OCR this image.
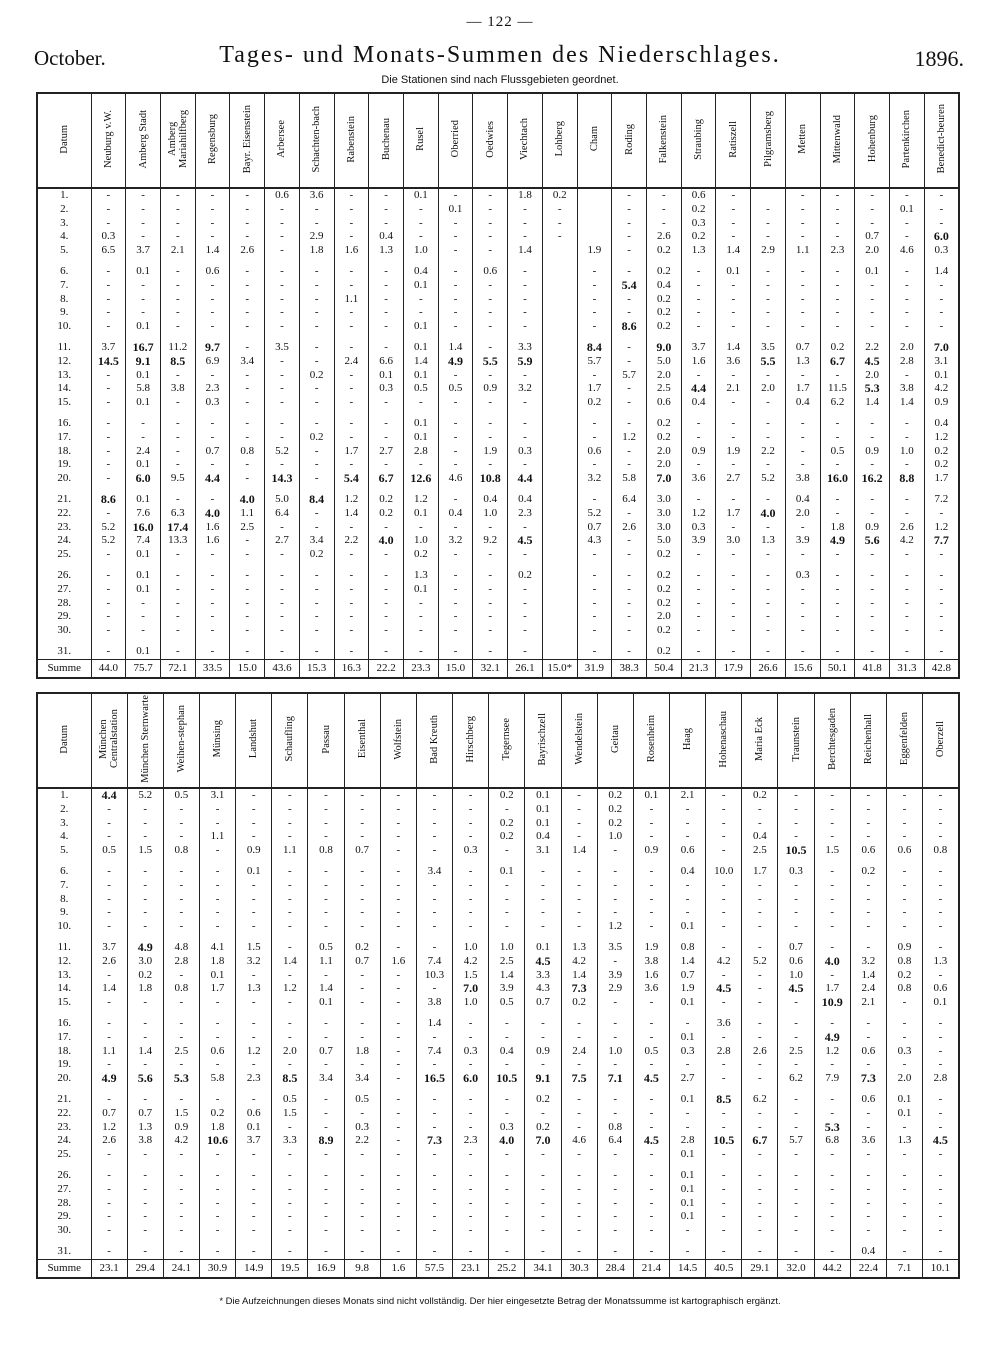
— 122 —
October.	Tages- und Monats-Summen des Niederschlages.	1896.
Die Stationen sind nach Flussgebieten geordnet.
Datum	Neuburg v.W.	Amberg Stadt	Amberg Mariahilfberg	Regensburg	Bayr. Eisenstein	Arbersee	Schachten-bach	Rabenstein	Buchenau	Rusel	Oberried	Oedwies	Viechtach	Lohberg	Cham	Roding	Falkenstein	Straubing	Ratiszell	Pilgramsberg	Metten	Mittenwald	Hohenburg	Partenkirchen	Benedict-beuren
1.	-	-	-	-	-	0.6	3.6	-	-	0.1	-	-	1.8	0.2		-	-	0.6	-		-	-	-	-	-
2.	-	-	-	-	-	-	-	-	-	-	0.1	-	-	-		-	-	0.2	-	-	-	-	-	0.1	-
3.	-	-	-	-	-	-	-	-	-	-	-	-	-	-		-	-	0.3	-	-	-	-	-	-	-
4.	0.3	-	-	-	-	-	2.9	-	0.4	-	-	-	-	-		-	2.6	0.2	-	-	-	-	0.7	-	6.0
5.	6.5	3.7	2.1	1.4	2.6	-	1.8	1.6	1.3	1.0	-	-	1.4		1.9	-	0.2	1.3	1.4	2.9	1.1	2.3	2.0	4.6	0.3
6.	-	0.1	-	0.6	-	-	-	-	-	0.4	-	0.6	-		-	-	0.2	-	0.1	-	-	-	0.1	-	1.4
7.	-	-	-	-	-	-	-	-	-	0.1	-	-	-		-	5.4	0.4	-	-	-	-	-	-	-	-
8.	-	-	-	-	-	-	-	1.1	-	-	-	-	-		-	-	0.2	-	-	-	-	-	-	-	-
9.	-	-	-	-	-	-	-	-	-	-	-	-	-		-	-	0.2	-	-	-	-	-	-	-	-
10.	-	0.1	-	-	-	-	-	-	-	0.1	-	-	-		-	8.6	0.2	-	-	-	-	-	-	-	-
11.	3.7	16.7	11.2	9.7	-	3.5	-	-	-	0.1	1.4	-	3.3		8.4	-	9.0	3.7	1.4	3.5	0.7	0.2	2.2	2.0	7.0
12.	14.5	9.1	8.5	6.9	3.4	-	-	2.4	6.6	1.4	4.9	5.5	5.9		5.7	-	5.0	1.6	3.6	5.5	1.3	6.7	4.5	2.8	3.1
13.	-	0.1	-	-	-	-	0.2	-	0.1	0.1	-	-	-		-	5.7	2.0	-	-	-	-	-	2.0	-	0.1
14.	-	5.8	3.8	2.3	-	-	-	-	0.3	0.5	0.5	0.9	3.2		1.7	-	2.5	4.4	2.1	2.0	1.7	11.5	5.3	3.8	4.2
15.	-	0.1	-	0.3	-	-	-	-	-	-	-	-	-		0.2	-	0.6	0.4	-	-	0.4	6.2	1.4	1.4	0.9
16.	-	-	-	-	-	-	-	-	-	0.1	-	-	-		-	-	0.2	-	-	-	-	-	-	-	0.4
17.	-	-	-	-	-	-	0.2	-	-	0.1	-	-	-		-	1.2	0.2	-	-	-	-	-	-	-	1.2
18.	-	2.4	-	0.7	0.8	5.2	-	1.7	2.7	2.8	-	1.9	0.3		0.6	-	2.0	0.9	1.9	2.2	-	0.5	0.9	1.0	0.2
19.	-	0.1	-	-	-	-	-	-	-	-	-	-	-		-	-	2.0	-	-	-	-	-	-	-	0.2
20.	-	6.0	9.5	4.4	-	14.3	-	5.4	6.7	12.6	4.6	10.8	4.4		3.2	5.8	7.0	3.6	2.7	5.2	3.8	16.0	16.2	8.8	1.7
21.	8.6	0.1	-	-	4.0	5.0	8.4	1.2	0.2	1.2	-	0.4	0.4		-	6.4	3.0	-	-	-	0.4	-	-	-	7.2
22.	-	7.6	6.3	4.0	1.1	6.4	-	1.4	0.2	0.1	0.4	1.0	2.3		5.2	-	3.0	1.2	1.7	4.0	2.0	-	-	-	-
23.	5.2	16.0	17.4	1.6	2.5	-	-	-	-	-	-	-	-		0.7	2.6	3.0	0.3	-	-	-	1.8	0.9	2.6	1.2
24.	5.2	7.4	13.3	1.6	-	2.7	3.4	2.2	4.0	1.0	3.2	9.2	4.5		4.3	-	5.0	3.9	3.0	1.3	3.9	4.9	5.6	4.2	7.7
25.	-	0.1	-	-	-	-	0.2	-	-	0.2	-	-	-		-	-	0.2	-	-	-	-	-	-	-	-
26.	-	0.1	-	-	-	-	-	-	-	1.3	-	-	0.2		-	-	0.2	-	-	-	0.3	-	-	-	-
27.	-	0.1	-	-	-	-	-	-	-	0.1	-	-	-		-	-	0.2	-	-	-	-	-	-	-	-
28.	-	-	-	-	-	-	-	-	-	-	-	-	-		-	-	0.2	-	-	-	-	-	-	-	-
29.	-	-	-	-	-	-	-	-	-	-	-	-	-		-	-	2.0	-	-	-	-	-	-	-	-
30.	-	-	-	-	-	-	-	-	-	-	-	-	-		-	-	0.2	-	-	-	-	-	-	-	-
31.	-	0.1	-	-	-	-	-	-	-	-	-	-	-		-	-	0.2	-	-	-	-	-	-	-	-
Summe	44.0	75.7	72.1	33.5	15.0	43.6	15.3	16.3	22.2	23.3	15.0	32.1	26.1	15.0*	31.9	38.3	50.4	21.3	17.9	26.6	15.6	50.1	41.8	31.3	42.8
Datum	München Centralstation	München Sternwarte	Weihen-stephan	Münsing	Landshut	Schaufling	Passau	Eisenthal	Wolfstein	Bad Kreuth	Hirschberg	Tegernsee	Bayrischzell	Wendelstein	Geitau	Rosenheim	Haag	Hohenaschau	Maria Eck	Traunstein	Berchtesgaden	Reichenhall	Eggenfelden	Oberzell
1.	4.4	5.2	0.5	3.1	-	-	-	-	-	-	-	0.2	0.1	-	0.2	0.1	2.1	-	0.2	-	-	-	-	-
2.	-	-	-	-	-	-	-	-	-	-	-	-	0.1	-	0.2	-	-	-	-	-	-	-	-	-
3.	-	-	-	-	-	-	-	-	-	-	-	0.2	0.1	-	0.2	-	-	-	-	-	-	-	-	-
4.	-	-	-	1.1	-	-	-	-	-	-	-	0.2	0.4	-	1.0	-	-	-	0.4	-	-	-	-	-
5.	0.5	1.5	0.8	-	0.9	1.1	0.8	0.7	-	-	0.3	-	3.1	1.4	-	0.9	0.6	-	2.5	10.5	1.5	0.6	0.6	0.8
6.	-	-	-	-	0.1	-	-	-	-	3.4	-	0.1	-	-	-	-	0.4	10.0	1.7	0.3	-	0.2	-	-
7.	-	-	-	-	-	-	-	-	-	-	-	-	-	-	-	-	-	-	-	-	-	-	-	-
8.	-	-	-	-	-	-	-	-	-	-	-	-	-	-	-	-	-	-	-	-	-	-	-	-
9.	-	-	-	-	-	-	-	-	-	-	-	-	-	-	-	-	-	-	-	-	-	-	-	-
10.	-	-	-	-	-	-	-	-	-	-	-	-	-	-	1.2	-	0.1	-	-	-	-	-	-	-
11.	3.7	4.9	4.8	4.1	1.5	-	0.5	0.2	-	-	1.0	1.0	0.1	1.3	3.5	1.9	0.8	-	-	0.7	-	-	0.9	-
12.	2.6	3.0	2.8	1.8	3.2	1.4	1.1	0.7	1.6	7.4	4.2	2.5	4.5	4.2	-	3.8	1.4	4.2	5.2	0.6	4.0	3.2	0.8	1.3
13.	-	0.2	-	0.1	-	-	-	-	-	10.3	1.5	1.4	3.3	1.4	3.9	1.6	0.7	-	-	1.0	-	1.4	0.2	-
14.	1.4	1.8	0.8	1.7	1.3	1.2	1.4	-	-	-	7.0	3.9	4.3	7.3	2.9	3.6	1.9	4.5	-	4.5	1.7	2.4	0.8	0.6
15.	-	-	-	-	-	-	0.1	-	-	3.8	1.0	0.5	0.7	0.2	-	-	0.1	-	-	-	10.9	2.1	-	0.1
16.	-	-	-	-	-	-	-	-	-	1.4	-	-	-	-	-	-	-	3.6	-	-	-	-	-	-
17.	-	-	-	-	-	-	-	-	-	-	-	-	-	-	-	-	0.1	-	-	-	4.9	-	-	-
18.	1.1	1.4	2.5	0.6	1.2	2.0	0.7	1.8	-	7.4	0.3	0.4	0.9	2.4	1.0	0.5	0.3	2.8	2.6	2.5	1.2	0.6	0.3	-
19.	-	-	-	-	-	-	-	-	-	-	-	-	-	-	-	-	-	-	-	-	-	-	-	-
20.	4.9	5.6	5.3	5.8	2.3	8.5	3.4	3.4	-	16.5	6.0	10.5	9.1	7.5	7.1	4.5	2.7	-	-	6.2	7.9	7.3	2.0	2.8
21.	-	-	-	-	-	0.5	-	0.5	-	-	-	-	0.2	-	-	-	0.1	8.5	6.2	-	-	0.6	0.1	-
22.	0.7	0.7	1.5	0.2	0.6	1.5	-	-	-	-	-	-	-	-	-	-	-	-	-	-	-	-	0.1	-
23.	1.2	1.3	0.9	1.8	0.1	-	-	0.3	-	-	-	0.3	0.2	-	0.8	-	-	-	-	-	5.3	-	-	-
24.	2.6	3.8	4.2	10.6	3.7	3.3	8.9	2.2	-	7.3	2.3	4.0	7.0	4.6	6.4	4.5	2.8	10.5	6.7	5.7	6.8	3.6	1.3	4.5
25.	-	-	-	-	-	-	-	-	-	-	-	-	-	-	-	-	0.1	-	-	-	-	-	-	-
26.	-	-	-	-	-	-	-	-	-	-	-	-	-	-	-	-	0.1	-	-	-	-	-	-	-
27.	-	-	-	-	-	-	-	-	-	-	-	-	-	-	-	-	0.1	-	-	-	-	-	-	-
28.	-	-	-	-	-	-	-	-	-	-	-	-	-	-	-	-	0.1	-	-	-	-	-	-	-
29.	-	-	-	-	-	-	-	-	-	-	-	-	-	-	-	-	0.1	-	-	-	-	-	-	-
30.	-	-	-	-	-	-	-	-	-	-	-	-	-	-	-	-	-	-	-	-	-	-	-	-
31.	-	-	-	-	-	-	-	-	-	-	-	-	-	-	-	-	-	-	-	-	-	0.4	-	-
Summe	23.1	29.4	24.1	30.9	14.9	19.5	16.9	9.8	1.6	57.5	23.1	25.2	34.1	30.3	28.4	21.4	14.5	40.5	29.1	32.0	44.2	22.4	7.1	10.1
* Die Aufzeichnungen dieses Monats sind nicht vollständig. Der hier eingesetzte Betrag der Monatssumme ist kartographisch ergänzt.
